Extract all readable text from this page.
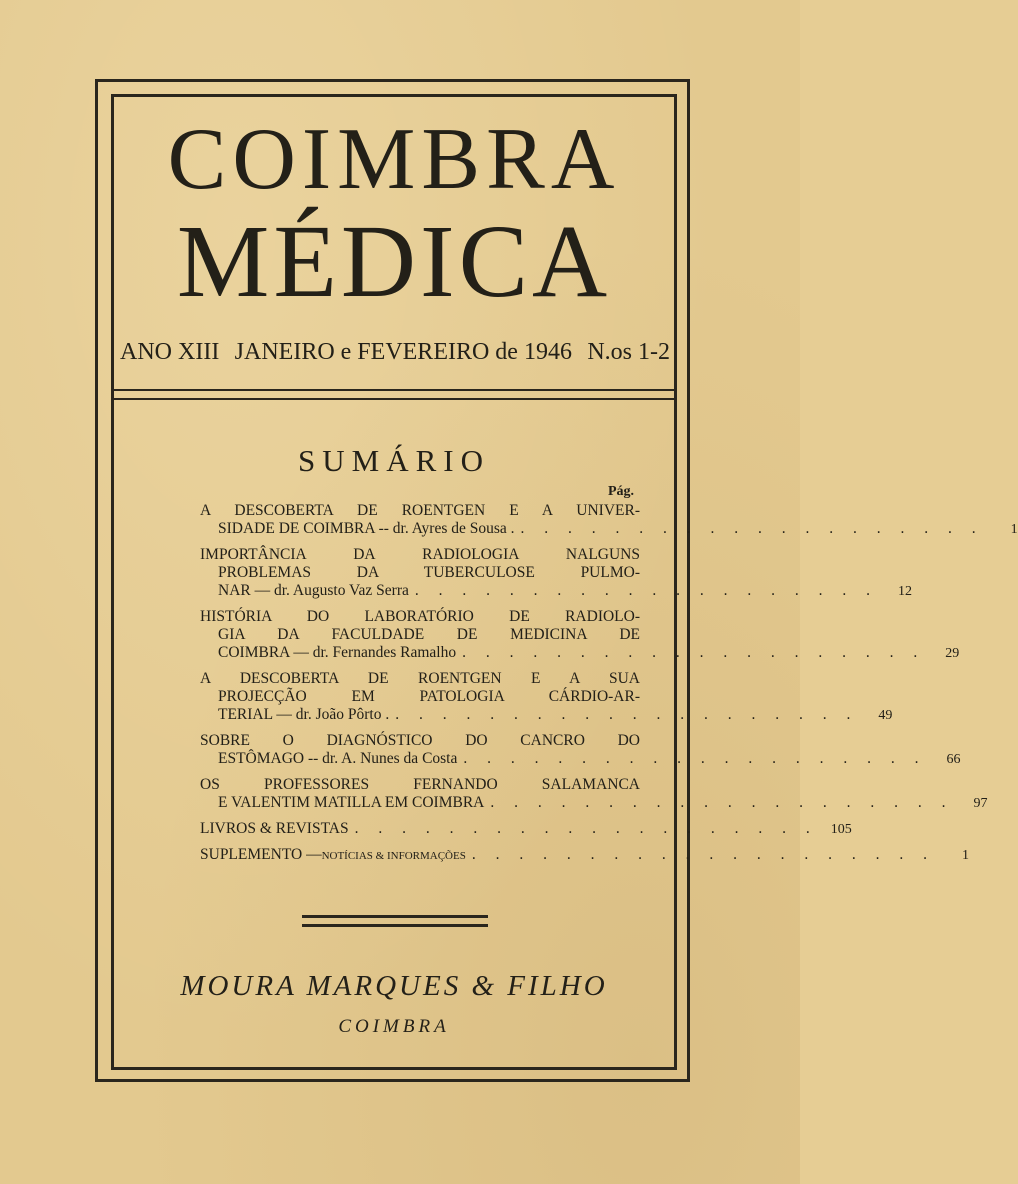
COIMBRA
MÉDICA
ANO XIII JANEIRO e FEVEREIRO de 1946 N.os 1-2
SUMÁRIO
Pág.
A DESCOBERTA DE ROENTGEN E A UNIVER-
SIDADE DE COIMBRA -- dr. Ayres de Sousa . . . . . . . . . . . . . . . . . . . . .	1
IMPORTÂNCIA DA RADIOLOGIA NALGUNS
PROBLEMAS DA TUBERCULOSE PULMO-
NAR — dr. Augusto Vaz Serra . . . . . . . . . . . . . . . . . . . .	12
HISTÓRIA DO LABORATÓRIO DE RADIOLO-
GIA DA FACULDADE DE MEDICINA DE
COIMBRA — dr. Fernandes Ramalho . . . . . . . . . . . . . . . . . . . .	29
A DESCOBERTA DE ROENTGEN E A SUA
PROJECÇÃO EM PATOLOGIA CÁRDIO-AR-
TERIAL — dr. João Pôrto . . . . . . . . . . . . . . . . . . . . .	49
SOBRE O DIAGNÓSTICO DO CANCRO DO
ESTÔMAGO -- dr. A. Nunes da Costa . . . . . . . . . . . . . . . . . . . .	66
OS PROFESSORES FERNANDO SALAMANCA
E VALENTIM MATILLA EM COIMBRA . . . . . . . . . . . . . . . . . . . .	97
LIVROS & REVISTAS . . . . . . . . . . . . . . . . . . . . 105
SUPLEMENTO — NOTÍCIAS & INFORMAÇÕES . . . . . . . . . . . . . . . . . . . .	1
MOURA MARQUES & FILHO
COIMBRA
